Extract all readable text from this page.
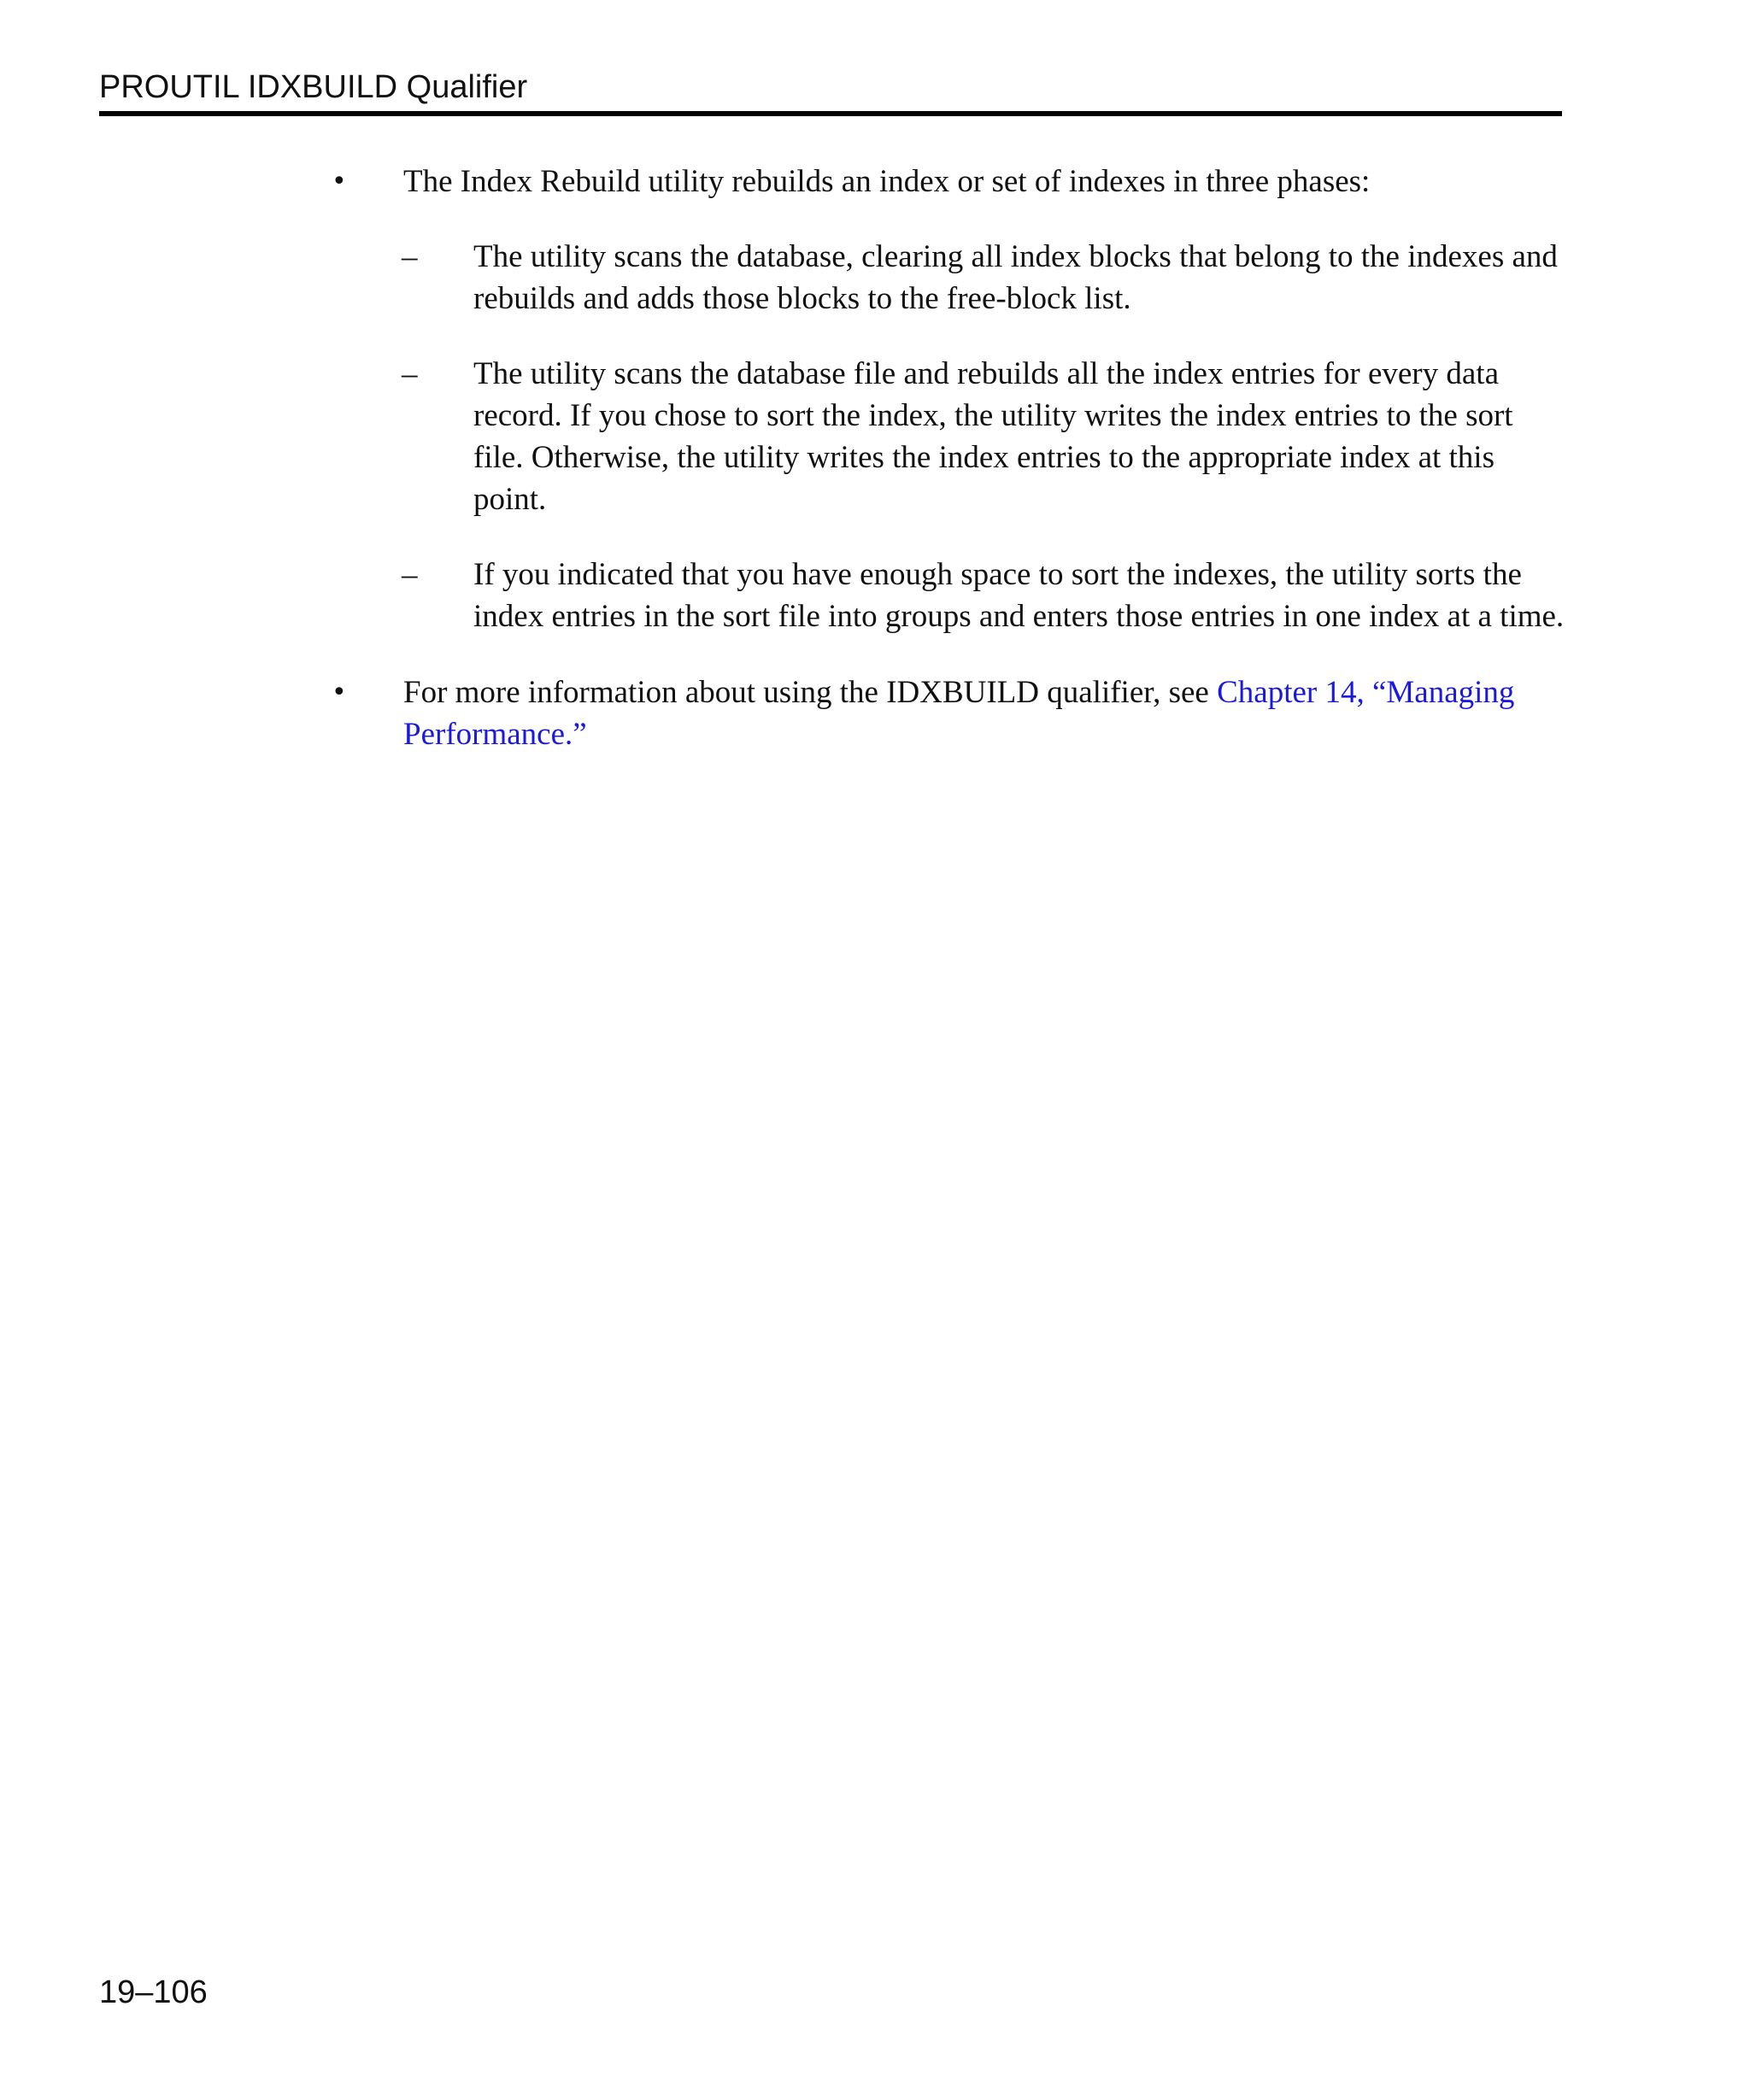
PROUTIL IDXBUILD Qualifier
•	The Index Rebuild utility rebuilds an index or set of indexes in three phases:
–	The utility scans the database, clearing all index blocks that belong to the indexes and rebuilds and adds those blocks to the free-block list.
–	The utility scans the database file and rebuilds all the index entries for every data record. If you chose to sort the index, the utility writes the index entries to the sort file. Otherwise, the utility writes the index entries to the appropriate index at this point.
–	If you indicated that you have enough space to sort the indexes, the utility sorts the index entries in the sort file into groups and enters those entries in one index at a time.
•	For more information about using the IDXBUILD qualifier, see Chapter 14, “Managing Performance.”
19–106
